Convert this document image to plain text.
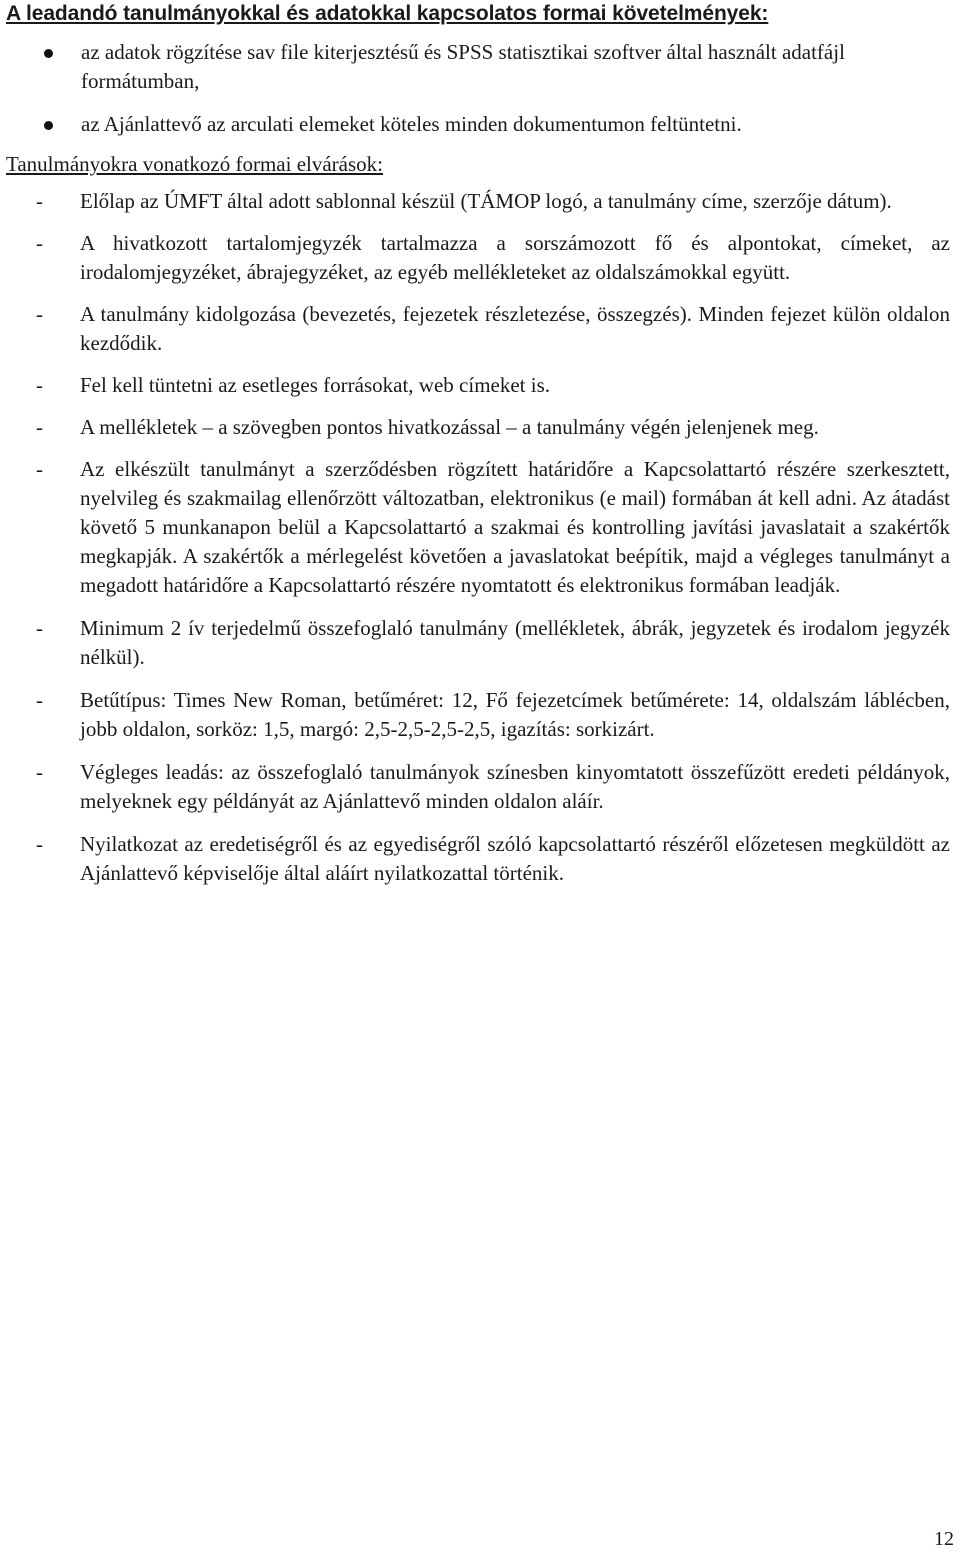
A leadandó tanulmányokkal és adatokkal kapcsolatos formai követelmények:
az adatok rögzítése sav file kiterjesztésű és SPSS statisztikai szoftver által használt adatfájl formátumban,
az Ajánlattevő az arculati elemeket köteles minden dokumentumon feltüntetni.

Tanulmányokra vonatkozó formai elvárások:

- Előlap az ÚMFT által adott sablonnal készül (TÁMOP logó, a tanulmány címe, szerzője dátum).
- A hivatkozott tartalomjegyzék tartalmazza a sorszámozott fő és alpontokat, címeket, az irodalomjegyzéket, ábrajegyzéket, az egyéb mellékleteket az oldalszámokkal együtt.
- A tanulmány kidolgozása (bevezetés, fejezetek részletezése, összegzés). Minden fejezet külön oldalon kezdődik.
- Fel kell tüntetni az esetleges forrásokat, web címeket is.
- A mellékletek – a szövegben pontos hivatkozással – a tanulmány végén jelenjenek meg.
- Az elkészült tanulmányt a szerződésben rögzített határidőre a Kapcsolattartó részére szerkesztett, nyelvileg és szakmailag ellenőrzött változatban, elektronikus (e mail) formában át kell adni. Az átadást követő 5 munkanapon belül a Kapcsolattartó a szakmai és kontrolling javítási javaslatait a szakértők megkapják. A szakértők a mérlegelést követően a javaslatokat beépítik, majd a végleges tanulmányt a megadott határidőre a Kapcsolattartó részére nyomtatott és elektronikus formában leadják.
- Minimum 2 ív terjedelmű összefoglaló tanulmány (mellékletek, ábrák, jegyzetek és irodalom jegyzék nélkül).
- Betűtípus: Times New Roman, betűméret: 12, Fő fejezetcímek betűmérete: 14, oldalszám láblécben, jobb oldalon, sorköz: 1,5, margó: 2,5-2,5-2,5-2,5, igazítás: sorkizárt.
- Végleges leadás: az összefoglaló tanulmányok színesben kinyomtatott összefűzött eredeti példányok, melyeknek egy példányát az Ajánlattevő minden oldalon aláír.
- Nyilatkozat az eredetiségről és az egyediségről szóló kapcsolattartó részéről előzetesen megküldött az Ajánlattevő képviselője által aláírt nyilatkozattal történik.
12
